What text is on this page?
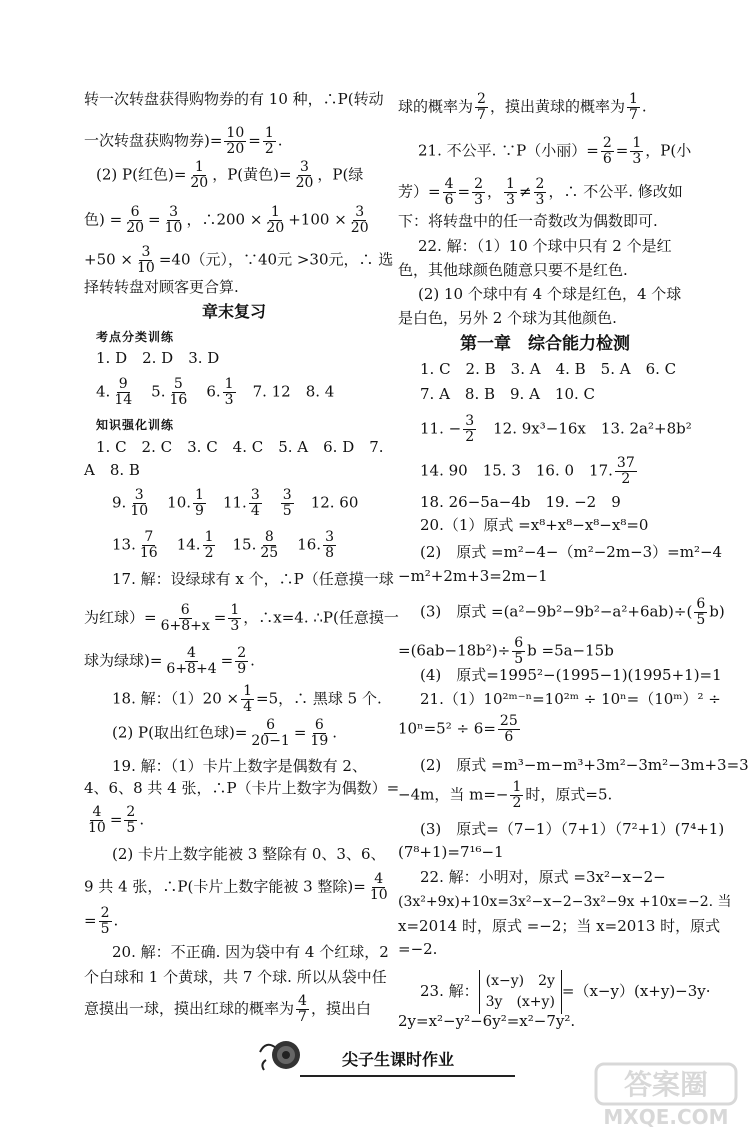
转一次转盘获得购物券的有 10 种，∴P(转动
一次转盘获购物券)= $\frac{10}{20} = \frac{1}{2}$ .
(2) P(红色)= $\frac{1}{20}$ ，P(黄色)= $\frac{3}{20}$ ，P(绿
色) = $\frac{6}{20} = \frac{3}{10}$ ，∴200 × $\frac{1}{20} +100 \times \frac{3}{20}$
$+50 \times \frac{3}{10} =40$（元），∵40元 >30元，∴ 选
择转转盘对顾客更合算.
章末复习
考点分类训练
1. D　2. D　3. D
4. $\frac{9}{14}$
　 5. $\frac{5}{16}$
　 6. $\frac{1}{3}$
　 7. 12　8. 4
知识强化训练
1. C　2. C　3. C　4. C　5. A　6. D　7.
A　8. B
9. $\frac{3}{10}$
　 10. $\frac{1}{9}$
　 11. $\frac{3}{4}$
　 $\frac{3}{5}$
　 12. 60
13. $\frac{7}{16}$
　 14. $\frac{1}{2}$
　 15. $\frac{8}{25}$
　 16. $\frac{3}{8}$
17. 解：设绿球有 x 个，∴P（任意摸一球
为红球）= $\frac{6}{6+8+x} = \frac{1}{3}$ ，∴x=4. ∴P(任意摸一
球为绿球)= $\frac{4}{6+8+4} = \frac{2}{9}$ .
18. 解：$(1)20 \times \frac{1}{4} =5$，∴ 黑球 5 个.
(2) P(取出红色球)= $\frac{6}{20-1} = \frac{6}{19}$ .
19. 解：（1）卡片上数字是偶数有 2、
4、6、8 共 4 张，∴P（卡片上数字为偶数）=
$\frac{4}{10} = \frac{2}{5}$ .
(2) 卡片上数字能被 3 整除有 0、3、6、
9 共 4 张，∴P(卡片上数字能被 3 整除)= $\frac{4}{10}$
= $\frac{2}{5}$ .
20. 解：不正确. 因为袋中有 4 个红球，2
个白球和 1 个黄球，共 7 个球. 所以从袋中任
意摸出一球，摸出红球的概率为 $\frac{4}{7}$ ，摸出白
球的概率为 $\frac{2}{7}$ ，摸出黄球的概率为 $\frac{1}{7}$ .
21. 不公平. ∵P（小丽）= $\frac{2}{6} = \frac{1}{3}$ ，P(小
芳）= $\frac{4}{6} = \frac{2}{3}$ ， $\frac{1}{3} \ne \frac{2}{3}$ ，∴ 不公平. 修改如
下：将转盘中的任一奇数改为偶数即可.
22. 解：（1）10 个球中只有 2 个是红
色，其他球颜色随意只要不是红色.
(2) 10 个球中有 4 个球是红色，4 个球
是白色，另外 2 个球为其他颜色.
第一章　综合能力检测
1. C　2. B　3. A　4. B　5. A　6. C
7. A　8. B　9. A　10. C
11. − $\frac{3}{2}$
　 12. 9x³−16x　13. 2a²+8b²
14. 90　15. 3　16. 0　17. $\frac{37}{2}$
18. 26−5a−4b　19. −2　9
20.（1）原式 =x⁸+x⁸−x⁸−x⁸=0
(2)　原式 =m²−4−（m²−2m−3）=m²−4
−m²+2m+3=2m−1
(3)　原式 $=(a^2-9b^2-9b^2-a^2+6ab)\div( \frac{6}{5} b)$
$=(6ab-18b^2)\div \frac{6}{5}$ b =5a−15b
(4)　原式=1995²−(1995−1)(1995+1)=1
21.（1）10²ᵐ⁻ⁿ=10²ᵐ ÷ 10ⁿ=（10ᵐ）² ÷
$10^n=5^2 \div 6= \frac{25}{6}$
(2)　原式 =m³−m−m³+3m²−3m²−3m+3=3
−4m，当 $m=- \frac{1}{2}$ 时，原式=5.
(3)　原式=（7−1）（7+1）（7²+1）(7⁴+1)
(7⁸+1)=7¹⁶−1
22. 解：小明对，原式 =3x²−x−2−
(3x²+9x)+10x=3x²−x−2−3x²−9x +10x=−2. 当
x=2014 时，原式 =−2；当 x=2013 时，原式
=−2.
23. 解：
(x−y)　2y
3y　(x+y)
=（x−y）(x+y)−3y·
2y=x²−y²−6y²=x²−7y².
尖子生课时作业
答案圈
MXQE.COM
